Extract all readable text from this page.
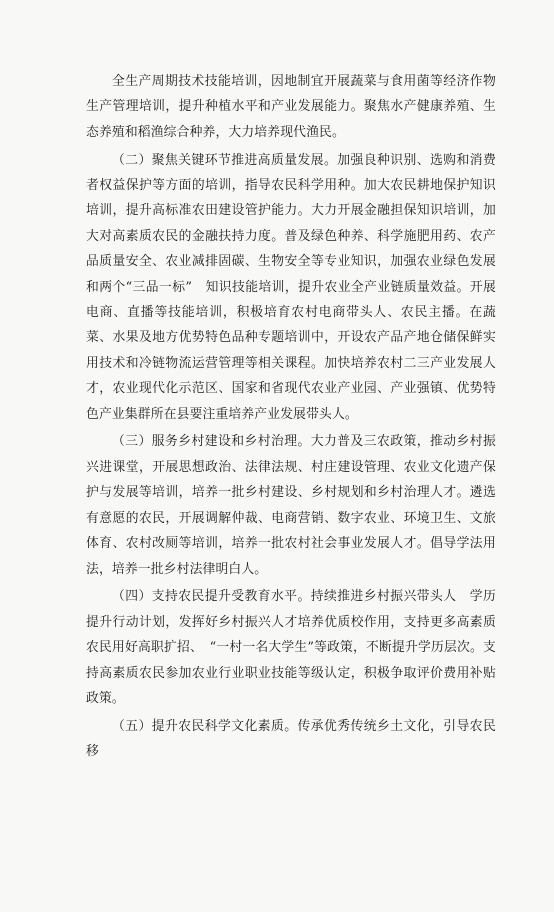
全生产周期技术技能培训，因地制宜开展蔬菜与食用菌等经济作物生产管理培训，提升种植水平和产业发展能力。聚焦水产健康养殖、生态养殖和稻渔综合种养，大力培养现代渔民。

（二）聚焦关键环节推进高质量发展。加强良种识别、选购和消费者权益保护等方面的培训，指导农民科学用种。加大农民耕地保护知识培训，提升高标准农田建设管护能力。大力开展金融担保知识培训，加大对高素质农民的金融扶持力度。普及绿色种养、科学施肥用药、农产品质量安全、农业减排固碳、生物安全等专业知识，加强农业绿色发展和两个“三品一标”　知识技能培训，提升农业全产业链质量效益。开展电商、直播等技能培训，积极培育农村电商带头人、农民主播。在蔬菜、水果及地方优势特色品种专题培训中，开设农产品产地仓储保鲜实用技术和冷链物流运营管理等相关课程。加快培养农村二三产业发展人才，农业现代化示范区、国家和省现代农业产业园、产业强镇、优势特色产业集群所在县要注重培养产业发展带头人。

（三）服务乡村建设和乡村治理。大力普及三农政策，推动乡村振兴进课堂，开展思想政治、法律法规、村庄建设管理、农业文化遗产保护与发展等培训，培养一批乡村建设、乡村规划和乡村治理人才。遴选有意愿的农民，开展调解仲裁、电商营销、数字农业、环境卫生、文旅体育、农村改厕等培训，培养一批农村社会事业发展人才。倡导学法用法，培养一批乡村法律明白人。

（四）支持农民提升受教育水平。持续推进乡村振兴带头人　学历提升行动计划，发挥好乡村振兴人才培养优质校作用，支持更多高素质农民用好高职扩招、　“一村一名大学生”等政策，不断提升学历层次。支持高素质农民参加农业行业职业技能等级认定，积极争取评价费用补贴政策。

（五）提升农民科学文化素质。传承优秀传统乡土文化，引导农民移
